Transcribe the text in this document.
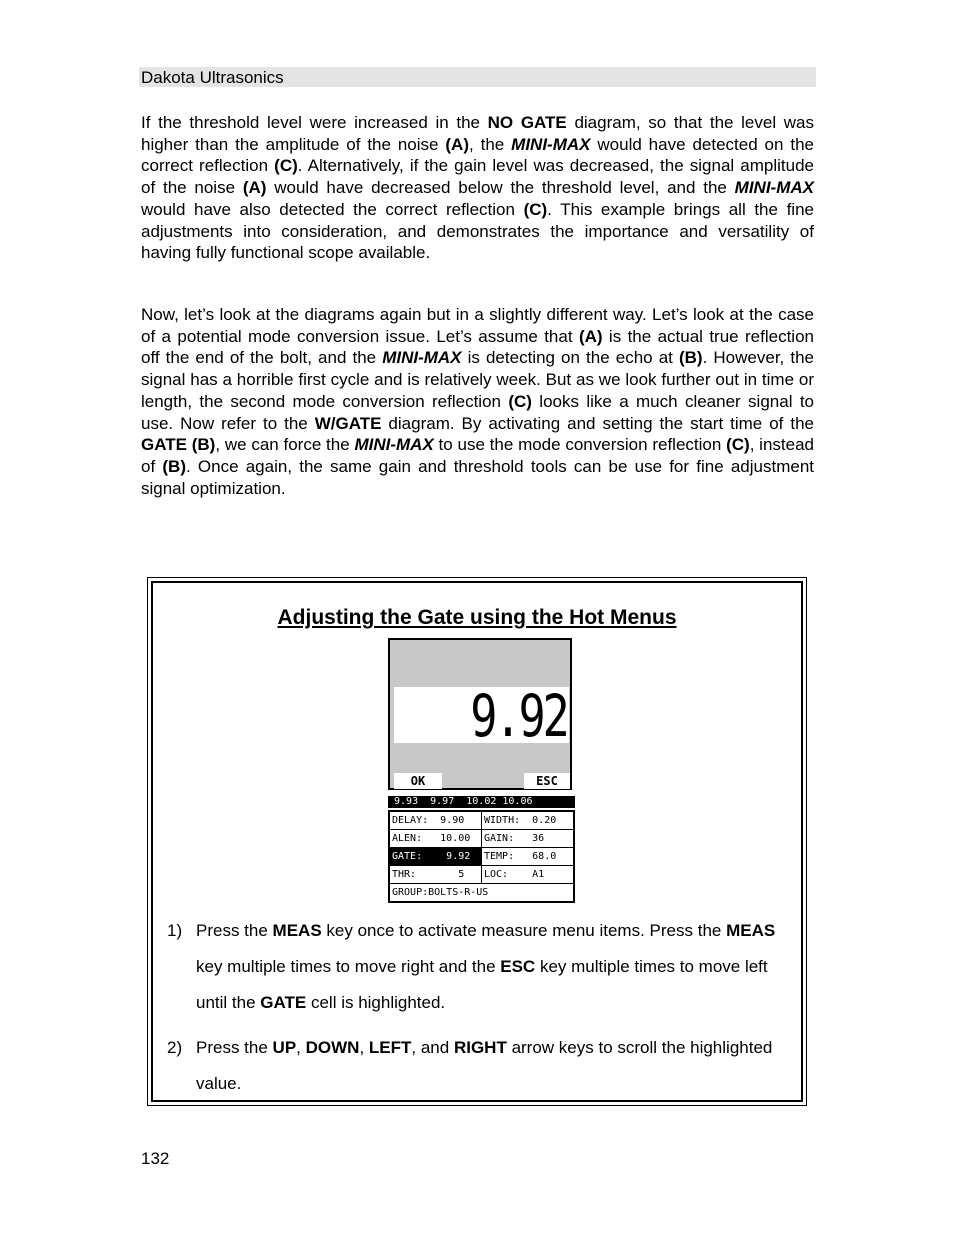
Dakota Ultrasonics

If the threshold level were increased in the NO GATE diagram, so that the level was higher than the amplitude of the noise (A), the MINI-MAX would have detected on the correct reflection (C). Alternatively, if the gain level was decreased, the signal amplitude of the noise (A) would have decreased below the threshold level, and the MINI-MAX would have also detected the correct reflection (C). This example brings all the fine adjustments into consideration, and demonstrates the importance and versatility of having fully functional scope available.

Now, let’s look at the diagrams again but in a slightly different way. Let’s look at the case of a potential mode conversion issue. Let’s assume that (A) is the actual true reflection off the end of the bolt, and the MINI-MAX is detecting on the echo at (B). However, the signal has a horrible first cycle and is relatively week. But as we look further out in time or length, the second mode conversion reflection (C) looks like a much cleaner signal to use. Now refer to the W/GATE diagram. By activating and setting the start time of the GATE (B), we can force the MINI-MAX to use the mode conversion reflection (C), instead of (B). Once again, the same gain and threshold tools can be use for fine adjustment signal optimization.

Adjusting the Gate using the Hot Menus
9.92
OK	ESC
9.93  9.97  10.02 10.06
DELAY:  9.90	WIDTH:  0.20
ALEN:   10.00	GAIN:   36
GATE:    9.92	TEMP:   68.0
THR:       5	LOC:    A1
GROUP:BOLTS-R-US

1) Press the MEAS key once to activate measure menu items. Press the MEAS key multiple times to move right and the ESC key multiple times to move left until the GATE cell is highlighted.

2) Press the UP, DOWN, LEFT, and RIGHT arrow keys to scroll the highlighted value.

132
